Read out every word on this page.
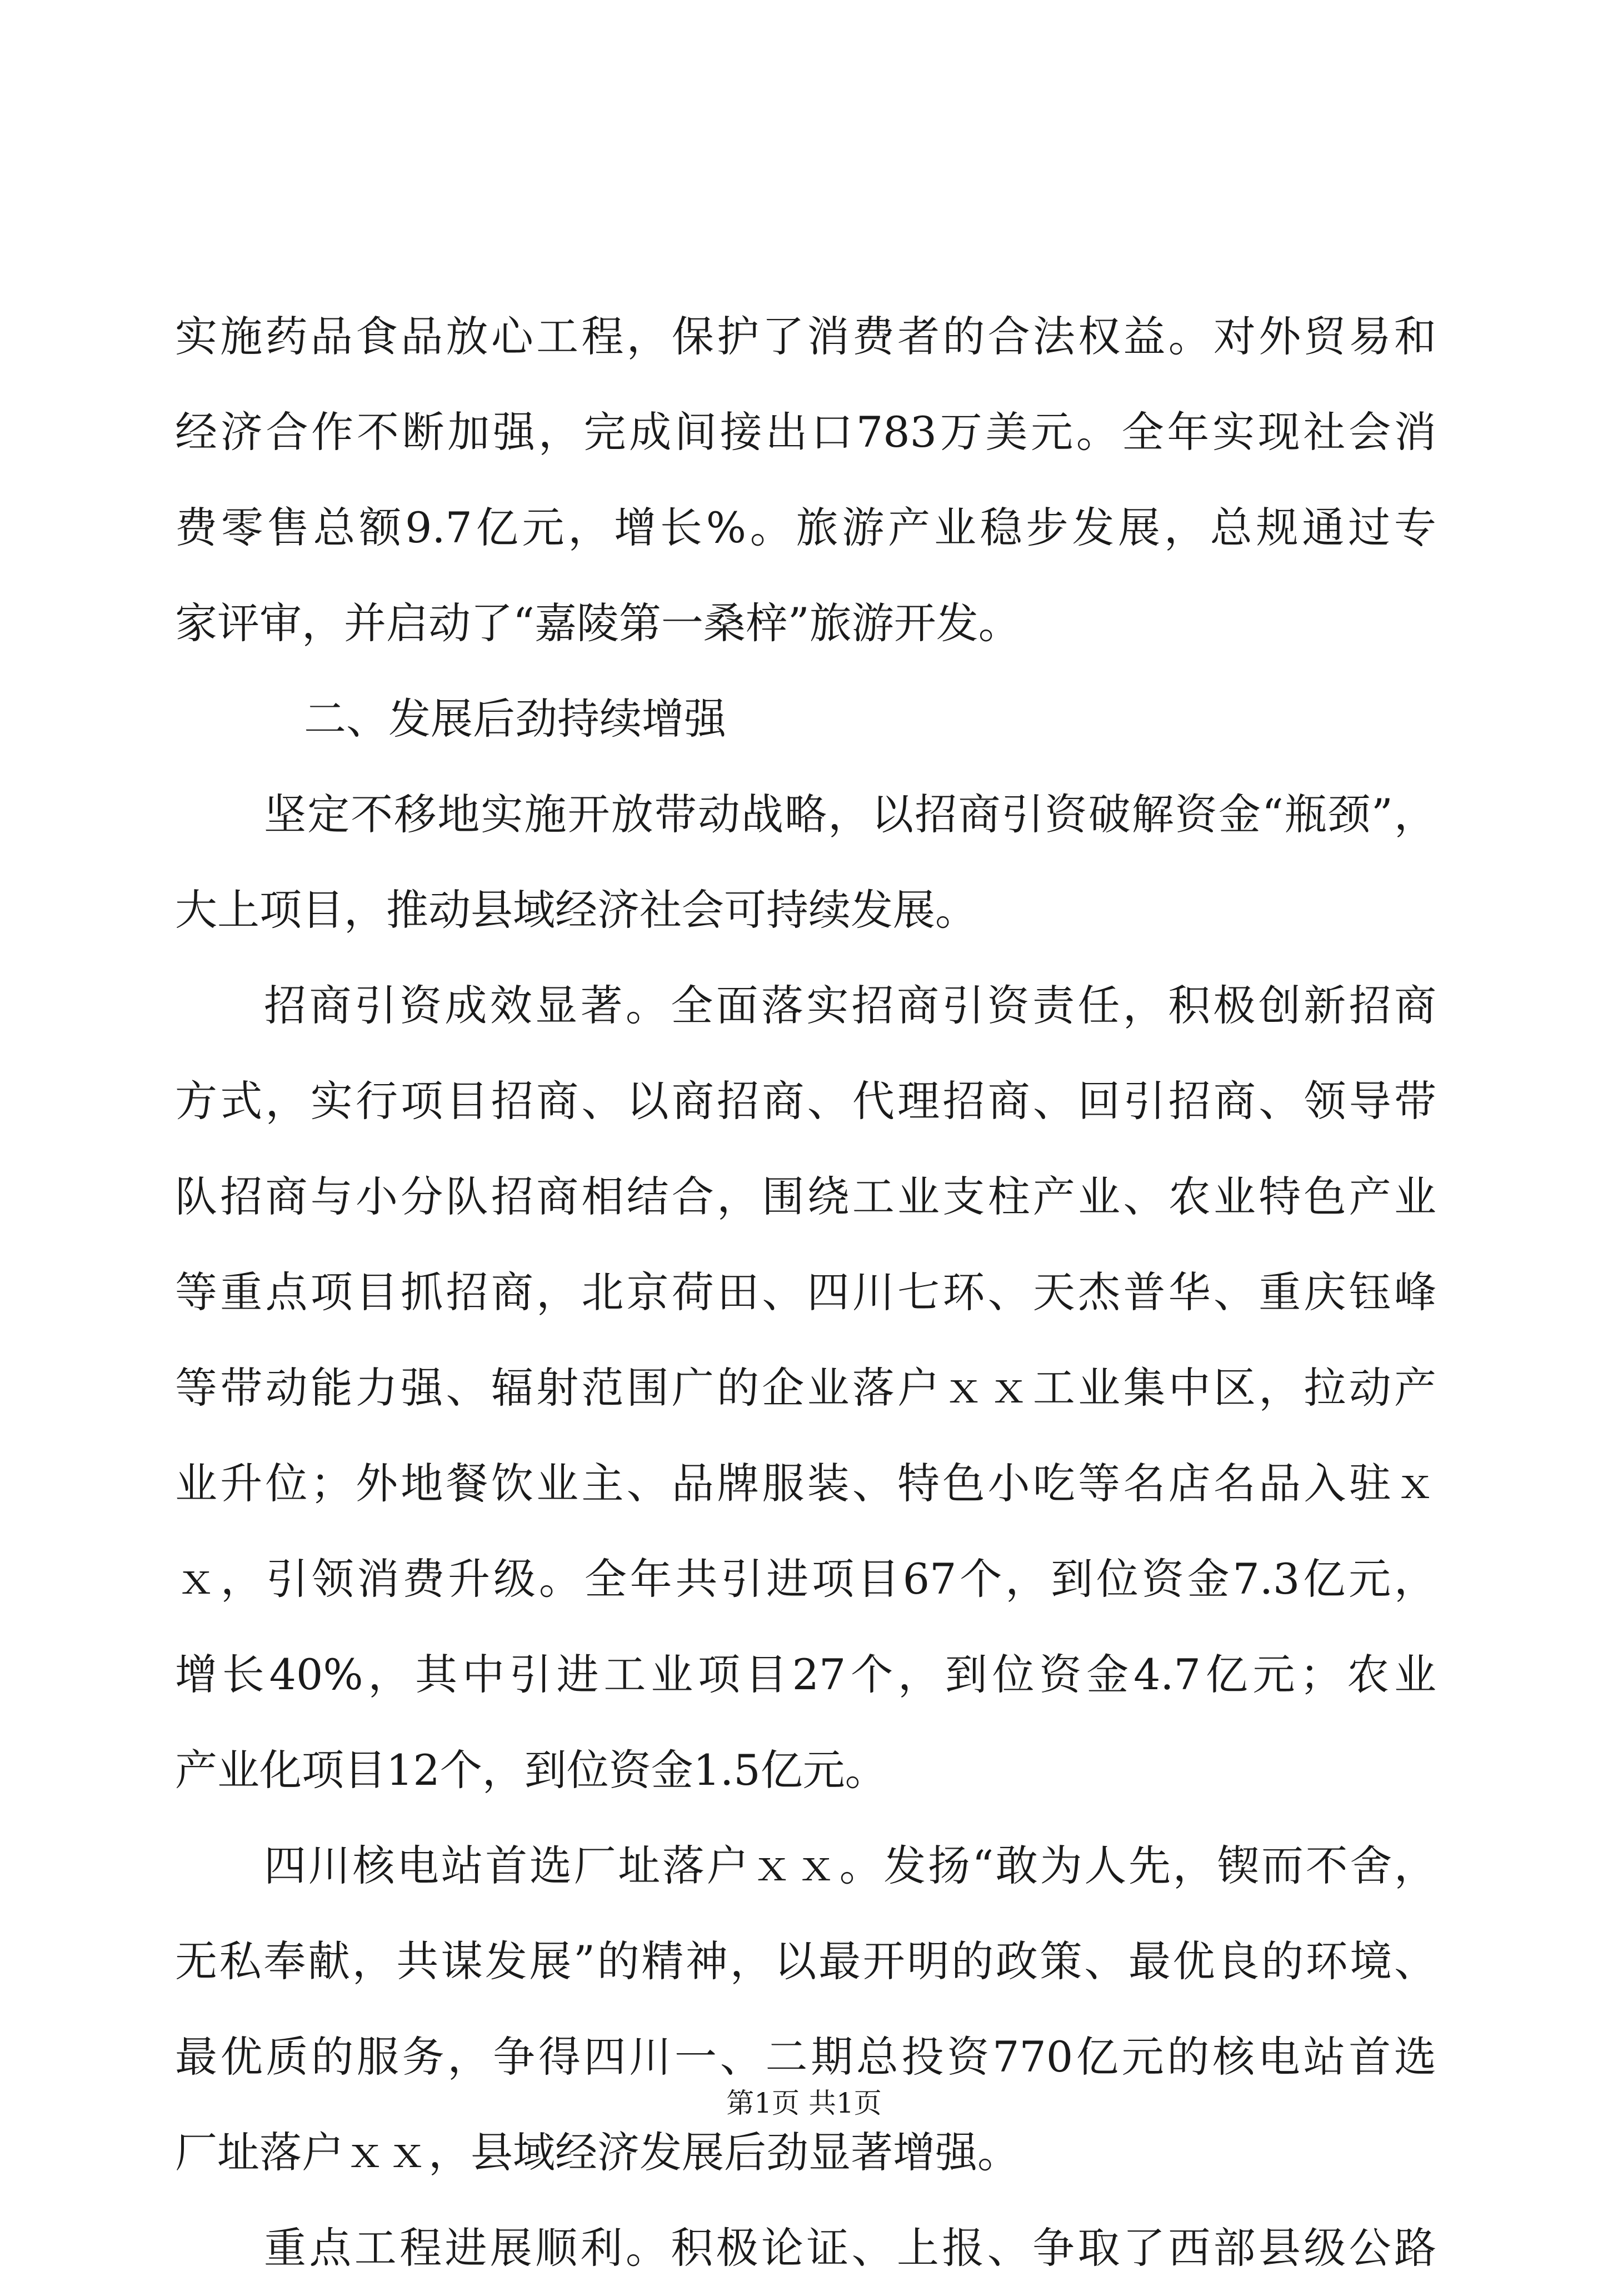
实施药品食品放心工程，保护了消费者的合法权益。对外贸易和
经济合作不断加强，完成间接出口783万美元。全年实现社会消
费零售总额9.7亿元，增长%。旅游产业稳步发展，总规通过专
家评审，并启动了“嘉陵第一桑梓”旅游开发。
二、发展后劲持续增强
坚定不移地实施开放带动战略，以招商引资破解资金“瓶颈”，
大上项目，推动县域经济社会可持续发展。
招商引资成效显著。全面落实招商引资责任，积极创新招商
方式，实行项目招商、以商招商、代理招商、回引招商、领导带
队招商与小分队招商相结合，围绕工业支柱产业、农业特色产业
等重点项目抓招商，北京荷田、四川七环、天杰普华、重庆钰峰
等带动能力强、辐射范围广的企业落户ｘｘ工业集中区，拉动产
业升位；外地餐饮业主、品牌服装、特色小吃等名店名品入驻ｘ
ｘ，引领消费升级。全年共引进项目67个，到位资金7.3亿元，
增长40%，其中引进工业项目27个，到位资金4.7亿元；农业
产业化项目12个，到位资金1.5亿元。
四川核电站首选厂址落户ｘｘ。发扬“敢为人先，锲而不舍，
无私奉献，共谋发展”的精神，以最开明的政策、最优良的环境、
最优质的服务，争得四川一、二期总投资770亿元的核电站首选
厂址落户ｘｘ，县域经济发展后劲显著增强。
重点工程进展顺利。积极论证、上报、争取了西部县级公路
第1页 共1页
